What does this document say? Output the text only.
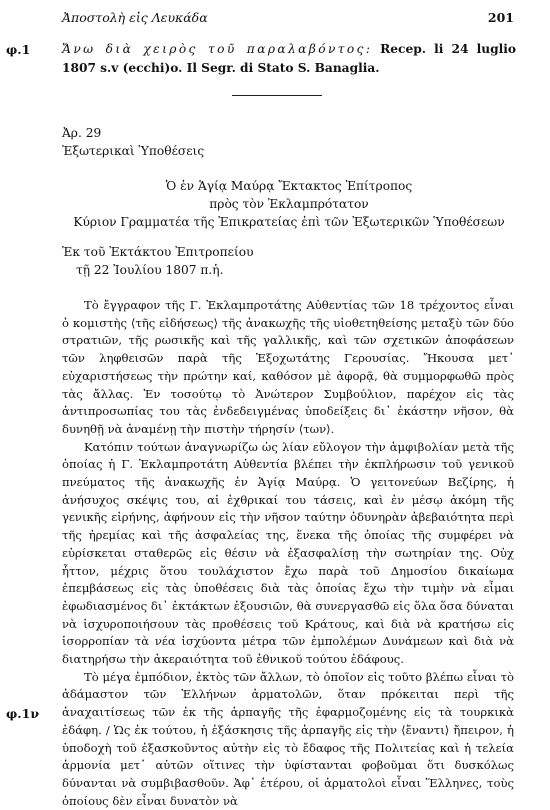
Ἀποστολὴ εἰς Λευκάδα	201
φ.1	Ἄνω διὰ χειρὸς τοῦ παραλαβόντος: Recep. li 24 luglio 1807 s.v (ecchi)o. Il Segr. di Stato S. Banaglia.
Ἀρ. 29
Ἐξωτερικαὶ Ὑποθέσεις
Ὁ ἐν Ἁγίᾳ Μαύρᾳ Ἔκτακτος Ἐπίτροπος
πρὸς τὸν Ἐκλαμπρότατον
Κύριον Γραμματέα τῆς Ἐπικρατείας ἐπὶ τῶν Ἐξωτερικῶν Ὑποθέσεων
Ἐκ τοῦ Ἐκτάκτου Ἐπιτροπείου
τῇ 22 Ἰουλίου 1807 π.ἡ.

Τὸ ἔγγραφον τῆς Γ. Ἐκλαμπροτάτης Αὐθεντίας τῶν 18 τρέχοντος εἶναι ὁ κομιστὴς ⟨τῆς εἰδήσεως⟩ τῆς ἀνακωχῆς τῆς υἱοθετηθείσης μεταξὺ τῶν δύο στρατιῶν, τῆς ρωσικῆς καὶ τῆς γαλλικῆς, καὶ τῶν σχετικῶν ἀποφάσεων τῶν ληφθεισῶν παρὰ τῆς Ἐξοχωτάτης Γερουσίας. Ἤκουσα μετ᾿ εὐχαριστήσεως τὴν πρώτην καί, καθόσον μὲ ἀφορᾷ, θὰ συμμορφωθῶ πρὸς τὰς ἄλλας. Ἐν τοσούτῳ τὸ Ἀνώτερον Συμβούλιον, παρέχον εἰς τὰς ἀντιπροσωπίας του τὰς ἐνδεδειγμένας ὑποδείξεις δι᾿ ἑκάστην νῆσον, θὰ δυνηθῇ νὰ ἀναμένῃ τὴν πιστὴν τήρησίν ⟨των⟩.

Κατόπιν τούτων ἀναγνωρίζω ὡς λίαν εὔλογον τὴν ἀμφιβολίαν μετὰ τῆς ὁποίας ἡ Γ. Ἐκλαμπροτάτη Αὐθεντία βλέπει τὴν ἐκπλήρωσιν τοῦ γενικοῦ πνεύματος τῆς ἀνακωχῆς ἐν Ἁγίᾳ Μαύρᾳ. Ὁ γειτονεύων Βεζίρης, ἡ ἀνήσυχος σκέψις του, αἱ ἐχθρικαί του τάσεις, καὶ ἐν μέσῳ ἀκόμη τῆς γενικῆς εἰρήνης, ἀφήνουν εἰς τὴν νῆσον ταύτην ὀδυνηρὰν ἀβεβαιότητα περὶ τῆς ἠρεμίας καὶ τῆς ἀσφαλείας της, ἕνεκα τῆς ὁποίας τῆς συμφέρει νὰ εὑρίσκεται σταθερῶς εἰς θέσιν νὰ ἐξασφαλίσῃ τὴν σωτηρίαν της. Οὐχ ἧττον, μέχρις ὅτου τουλάχιστον ἔχω παρὰ τοῦ Δημοσίου δικαίωμα ἐπεμβάσεως εἰς τὰς ὑποθέσεις διὰ τὰς ὁποίας ἔχω τὴν τιμὴν νὰ εἶμαι ἐφωδιασμένος δι᾿ ἐκτάκτων ἐξουσιῶν, θὰ συνεργασθῶ εἰς ὅλα ὅσα δύναται νὰ ἰσχυροποιήσουν τὰς προθέσεις τοῦ Κράτους, καὶ διὰ νὰ κρατήσω εἰς ἰσορροπίαν τὰ νέα ἰσχύοντα μέτρα τῶν ἐμπολέμων Δυνάμεων καὶ διὰ νὰ διατηρήσω τὴν ἀκεραιότητα τοῦ ἐθνικοῦ τούτου ἐδάφους.

Τὸ μέγα ἐμπόδιον, ἐκτὸς τῶν ἄλλων, τὸ ὁποῖον εἰς τοῦτο βλέπω εἶναι τὸ ἀδάμαστον τῶν Ἑλλήνων ἁρματολῶν, ὅταν πρόκειται περὶ τῆς ἀναχαιτίσεως τῶν ἐκ τῆς ἁρπαγῆς τῆς ἐφαρμοζομένης εἰς τὰ τουρκικὰ ἐδάφη. / Ὡς ἐκ τούτου, ἡ ἐξάσκησις τῆς ἁρπαγῆς εἰς τὴν ⟨ἔναντι⟩ ἤπειρον, ἡ ὑποδοχὴ τοῦ ἐξασκοῦντος αὐτὴν εἰς τὸ ἔδαφος τῆς Πολιτείας καὶ ἡ τελεία ἁρμονία μετ᾿ αὐτῶν οἵτινες τὴν ὑφίστανται φοβοῦμαι ὅτι δυσκόλως δύνανται νὰ συμβιβασθοῦν. Ἀφ᾿ ἑτέρου, οἱ ἁρματολοὶ εἶναι Ἕλληνες, τοὺς ὁποίους δὲν εἶναι δυνατὸν νὰ

φ.1ν
